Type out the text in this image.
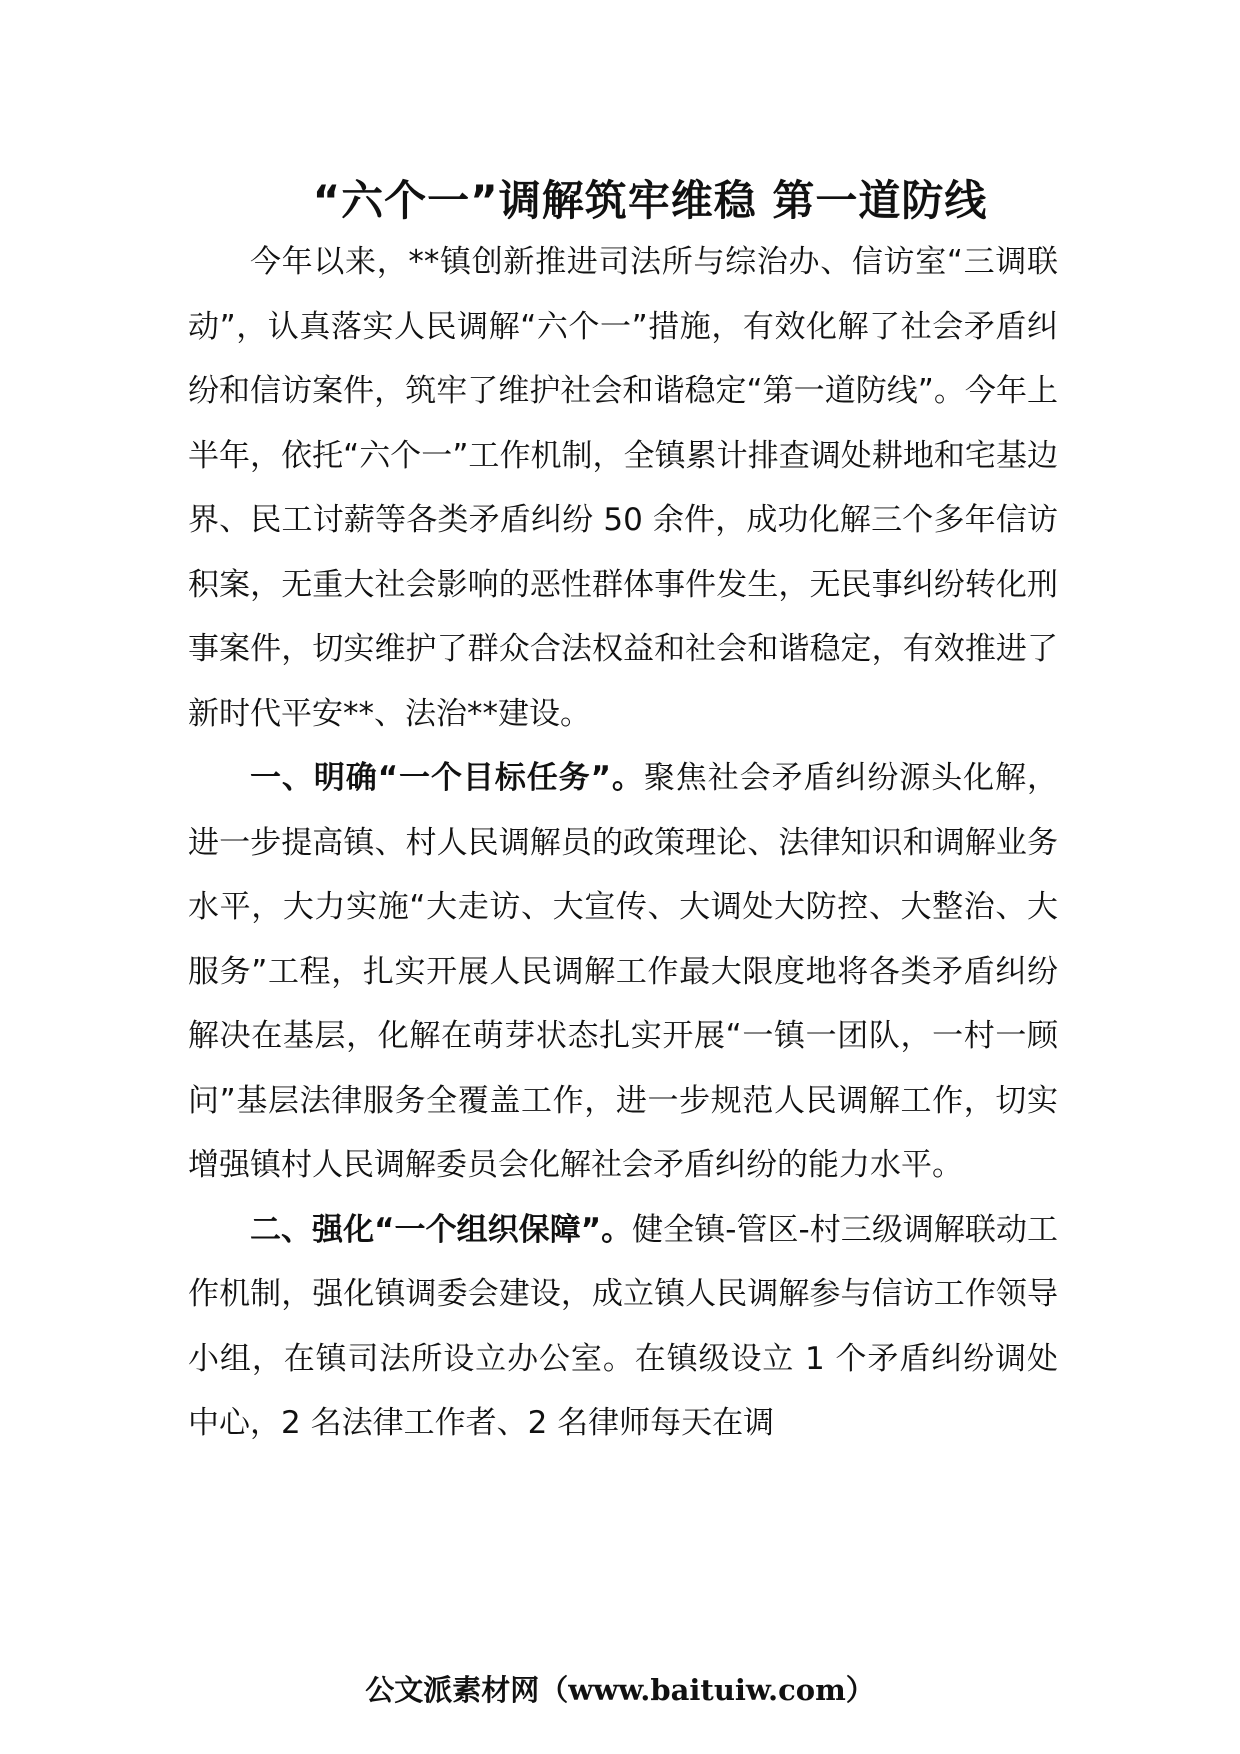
“六个一”调解筑牢维稳 第一道防线

今年以来，**镇创新推进司法所与综治办、信访室“三调联动”，认真落实人民调解“六个一”措施，有效化解了社会矛盾纠纷和信访案件，筑牢了维护社会和谐稳定“第一道防线”。今年上半年，依托“六个一”工作机制，全镇累计排查调处耕地和宅基边界、民工讨薪等各类矛盾纠纷 50 余件，成功化解三个多年信访积案，无重大社会影响的恶性群体事件发生，无民事纠纷转化刑事案件，切实维护了群众合法权益和社会和谐稳定，有效推进了新时代平安**、法治**建设。

一、明确“一个目标任务”。聚焦社会矛盾纠纷源头化解，进一步提高镇、村人民调解员的政策理论、法律知识和调解业务水平，大力实施“大走访、大宣传、大调处大防控、大整治、大服务”工程，扎实开展人民调解工作最大限度地将各类矛盾纠纷解决在基层，化解在萌芽状态扎实开展“一镇一团队，一村一顾问”基层法律服务全覆盖工作，进一步规范人民调解工作，切实增强镇村人民调解委员会化解社会矛盾纠纷的能力水平。

二、强化“一个组织保障”。健全镇-管区-村三级调解联动工作机制，强化镇调委会建设，成立镇人民调解参与信访工作领导小组，在镇司法所设立办公室。在镇级设立 1 个矛盾纠纷调处中心，2 名法律工作者、2 名律师每天在调

公文派素材网（www.baituiw.com）
